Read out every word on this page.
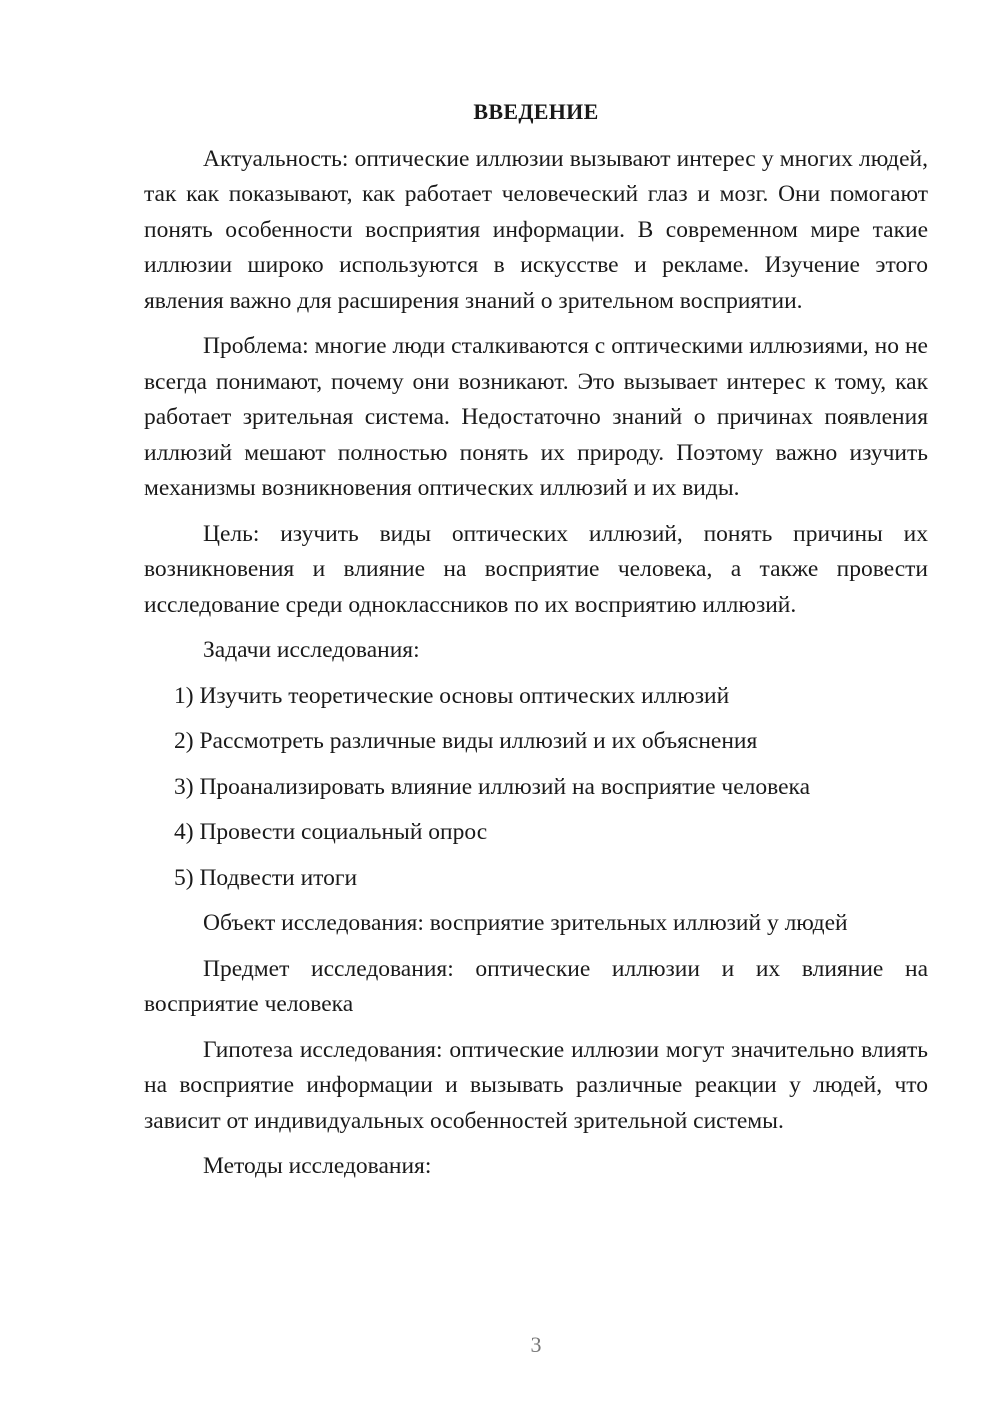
ВВЕДЕНИЕ

Актуальность: оптические иллюзии вызывают интерес у многих людей, так как показывают, как работает человеческий глаз и мозг. Они помогают понять особенности восприятия информации. В современном мире такие иллюзии широко используются в искусстве и рекламе. Изучение этого явления важно для расширения знаний о зрительном восприятии.

Проблема: многие люди сталкиваются с оптическими иллюзиями, но не всегда понимают, почему они возникают. Это вызывает интерес к тому, как работает зрительная система. Недостаточно знаний о причинах появления иллюзий мешают полностью понять их природу. Поэтому важно изучить механизмы возникновения оптических иллюзий и их виды.

Цель: изучить виды оптических иллюзий, понять причины их возникновения и влияние на восприятие человека, а также провести исследование среди одноклассников по их восприятию иллюзий.

Задачи исследования:

1) Изучить теоретические основы оптических иллюзий
2) Рассмотреть различные виды иллюзий и их объяснения
3) Проанализировать влияние иллюзий на восприятие человека
4) Провести социальный опрос
5) Подвести итоги

Объект исследования: восприятие зрительных иллюзий у людей

Предмет исследования: оптические иллюзии и их влияние на восприятие человека

Гипотеза исследования: оптические иллюзии могут значительно влиять на восприятие информации и вызывать различные реакции у людей, что зависит от индивидуальных особенностей зрительной системы.

Методы исследования:

3
